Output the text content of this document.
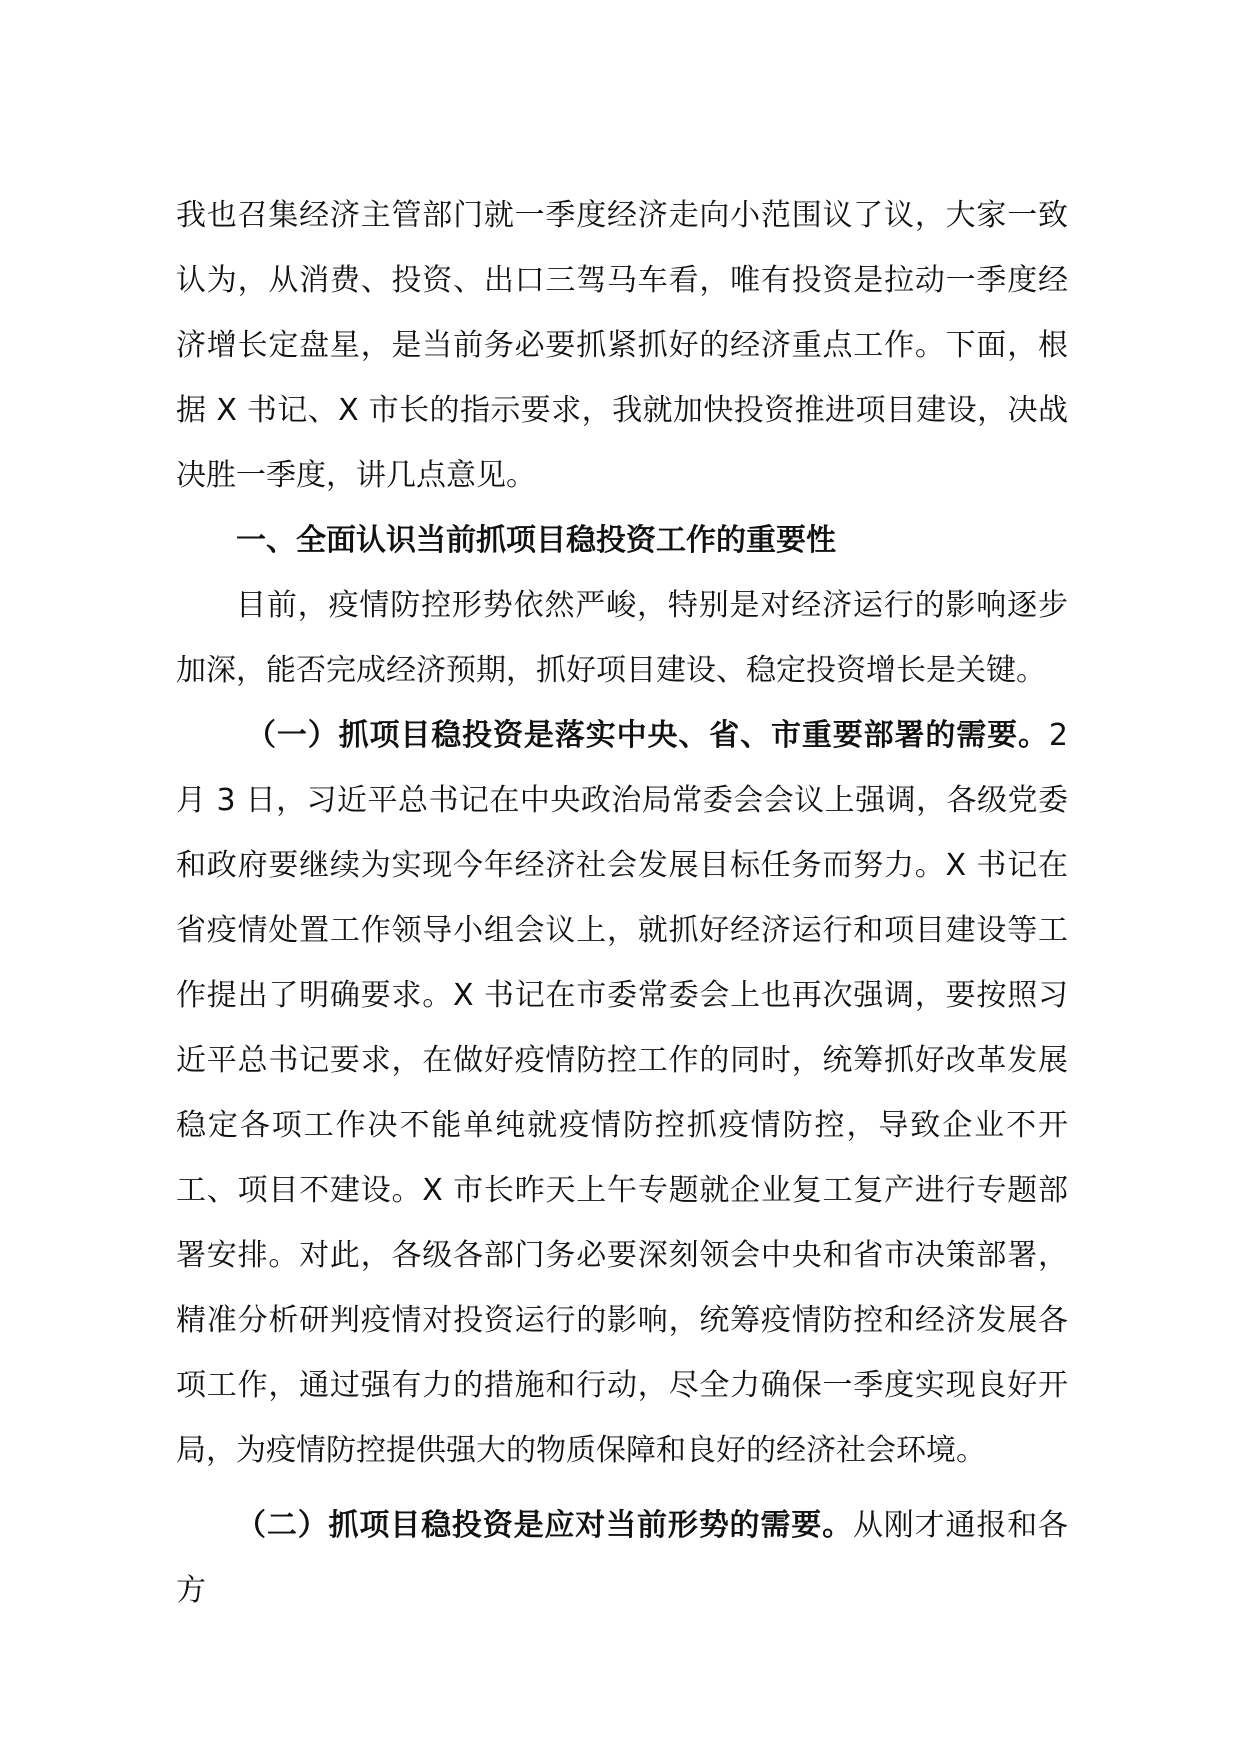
我也召集经济主管部门就一季度经济走向小范围议了议，大家一致认为，从消费、投资、出口三驾马车看，唯有投资是拉动一季度经济增长定盘星，是当前务必要抓紧抓好的经济重点工作。下面，根据 X 书记、X 市长的指示要求，我就加快投资推进项目建设，决战决胜一季度，讲几点意见。

一、全面认识当前抓项目稳投资工作的重要性

目前，疫情防控形势依然严峻，特别是对经济运行的影响逐步加深，能否完成经济预期，抓好项目建设、稳定投资增长是关键。

（一）抓项目稳投资是落实中央、省、市重要部署的需要。2 月 3 日，习近平总书记在中央政治局常委会会议上强调，各级党委和政府要继续为实现今年经济社会发展目标任务而努力。X 书记在省疫情处置工作领导小组会议上，就抓好经济运行和项目建设等工作提出了明确要求。X 书记在市委常委会上也再次强调，要按照习近平总书记要求，在做好疫情防控工作的同时，统筹抓好改革发展稳定各项工作决不能单纯就疫情防控抓疫情防控，导致企业不开工、项目不建设。X 市长昨天上午专题就企业复工复产进行专题部署安排。对此，各级各部门务必要深刻领会中央和省市决策部署，精准分析研判疫情对投资运行的影响，统筹疫情防控和经济发展各项工作，通过强有力的措施和行动，尽全力确保一季度实现良好开局，为疫情防控提供强大的物质保障和良好的经济社会环境。

（二）抓项目稳投资是应对当前形势的需要。从刚才通报和各方
